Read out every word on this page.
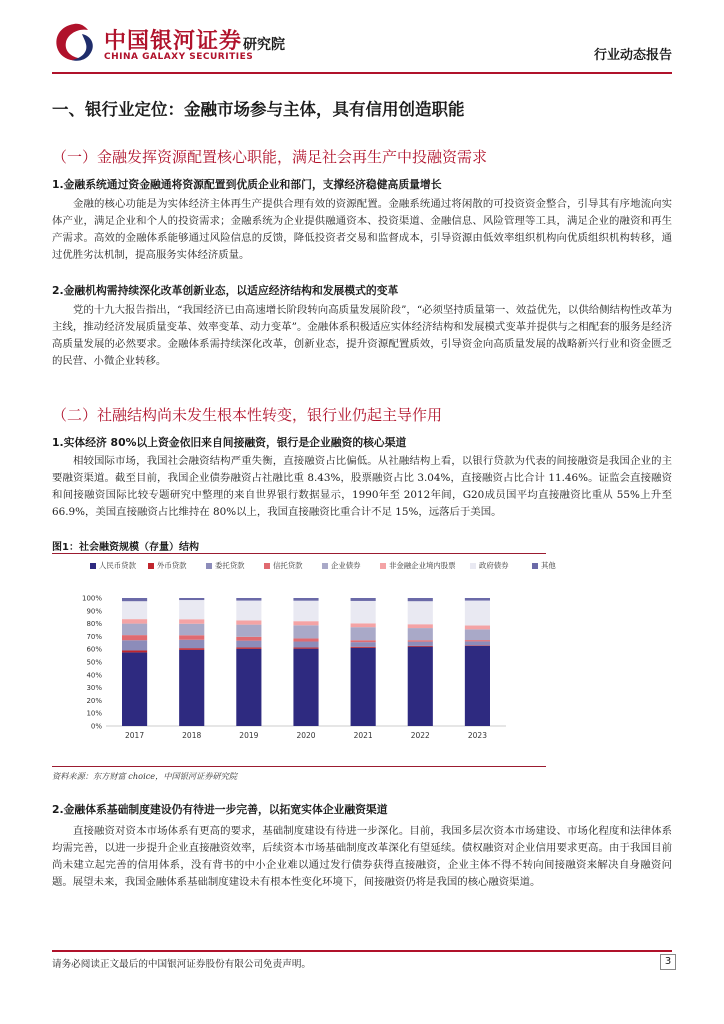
中国银河证券
CHINA GALAXY SECURITIES
研究院
行业动态报告
一、银行业定位：金融市场参与主体，具有信用创造职能
（一）金融发挥资源配置核心职能，满足社会再生产中投融资需求
1.金融系统通过资金融通将资源配置到优质企业和部门，支撑经济稳健高质量增长
金融的核心功能是为实体经济主体再生产提供合理有效的资源配置。金融系统通过将闲散的可投资资金整合，引导其有序地流向实体产业，满足企业和个人的投资需求；金融系统为企业提供融通资本、投资渠道、金融信息、风险管理等工具，满足企业的融资和再生产需求。高效的金融体系能够通过风险信息的反馈，降低投资者交易和监督成本，引导资源由低效率组织机构向优质组织机构转移，通过优胜劣汰机制，提高服务实体经济质量。
2.金融机构需持续深化改革创新业态，以适应经济结构和发展模式的变革
党的十九大报告指出，“我国经济已由高速增长阶段转向高质量发展阶段”，“必须坚持质量第一、效益优先，以供给侧结构性改革为主线，推动经济发展质量变革、效率变革、动力变革”。金融体系积极适应实体经济结构和发展模式变革并提供与之相配套的服务是经济高质量发展的必然要求。金融体系需持续深化改革，创新业态，提升资源配置质效，引导资金向高质量发展的战略新兴行业和资金匮乏的民营、小微企业转移。
（二）社融结构尚未发生根本性转变，银行业仍起主导作用
1.实体经济 80%以上资金依旧来自间接融资，银行是企业融资的核心渠道
相较国际市场，我国社会融资结构严重失衡，直接融资占比偏低。从社融结构上看，以银行贷款为代表的间接融资是我国企业的主要融资渠道。截至目前，我国企业债券融资占社融比重 8.43%，股票融资占比 3.04%，直接融资占比合计 11.46%。证监会直接融资和间接融资国际比较专题研究中整理的来自世界银行数据显示，1990年至 2012年间，G20成员国平均直接融资比重从 55%上升至 66.9%，美国直接融资占比维持在 80%以上，我国直接融资比重合计不足 15%，远落后于美国。
图1：社会融资规模（存量）结构
人民币贷款	外币贷款	委托贷款	信托贷款	企业债券	非金融企业境内股票	政府债券	其他
0%
10%
20%
30%
40%
50%
60%
70%
80%
90%
100%
2017	2018	2019	2020	2021	2022	2023
资料来源：东方财富 choice，中国银河证券研究院
2.金融体系基础制度建设仍有待进一步完善，以拓宽实体企业融资渠道
直接融资对资本市场体系有更高的要求，基础制度建设有待进一步深化。目前，我国多层次资本市场建设、市场化程度和法律体系均需完善，以进一步提升企业直接融资效率，后续资本市场基础制度改革深化有望延续。债权融资对企业信用要求更高。由于我国目前尚未建立起完善的信用体系，没有背书的中小企业难以通过发行债券获得直接融资，企业主体不得不转向间接融资来解决自身融资问题。展望未来，我国金融体系基础制度建设未有根本性变化环境下，间接融资仍将是我国的核心融资渠道。
请务必阅读正文最后的中国银河证券股份有限公司免责声明。	3
